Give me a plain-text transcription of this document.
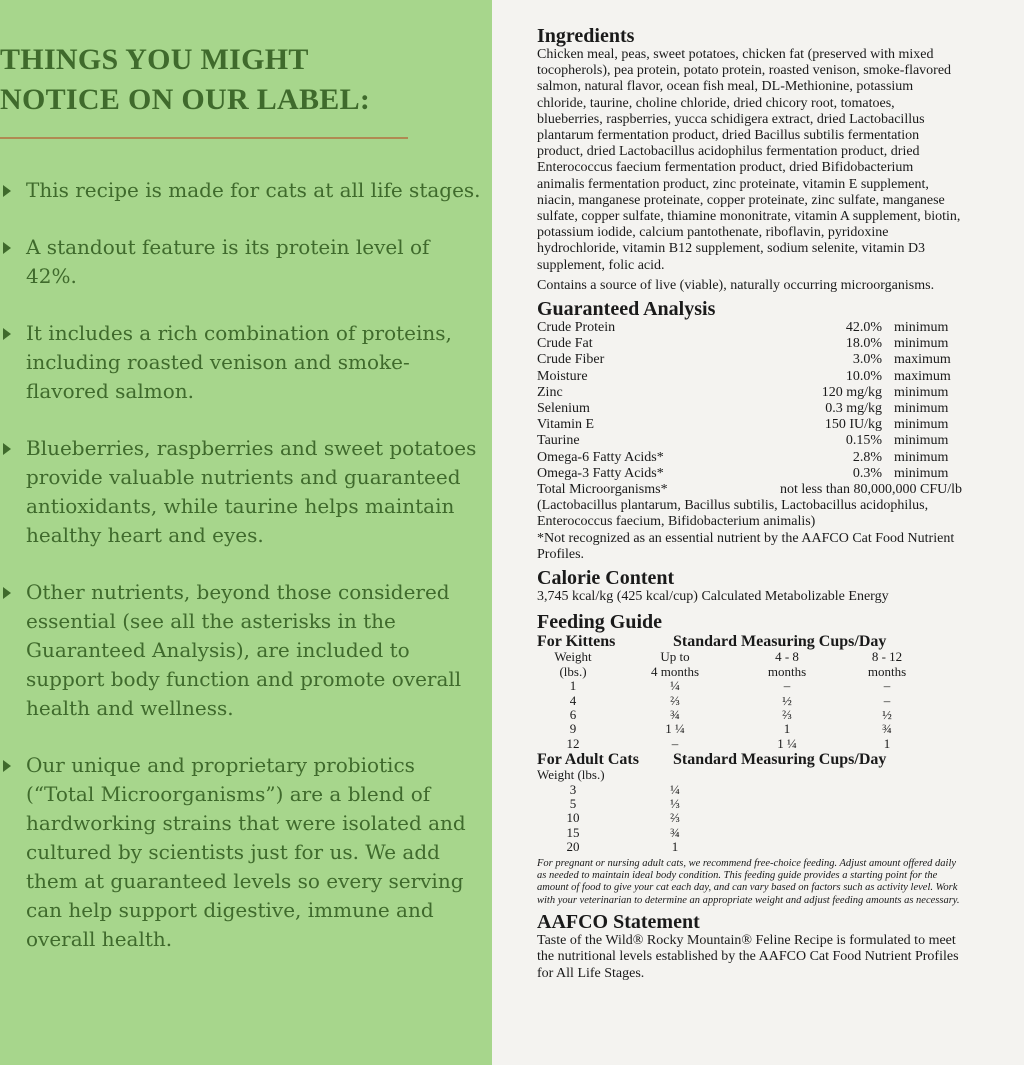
THINGS YOU MIGHT
NOTICE ON OUR LABEL:
This recipe is made for cats at all life stages.
A standout feature is its protein level of 42%.
It includes a rich combination of proteins, including roasted venison and smoke-flavored salmon.
Blueberries, raspberries and sweet potatoes provide valuable nutrients and guaranteed antioxidants, while taurine helps maintain healthy heart and eyes.
Other nutrients, beyond those considered essential (see all the asterisks in the Guaranteed Analysis), are included to support body function and promote overall health and wellness.
Our unique and proprietary probiotics (“Total Microorganisms”) are a blend of hardworking strains that were isolated and cultured by scientists just for us. We add them at guaranteed levels so every serving can help support digestive, immune and overall health.
Ingredients

Chicken meal, peas, sweet potatoes, chicken fat (preserved with mixed tocopherols), pea protein, potato protein, roasted venison, smoke-flavored salmon, natural flavor, ocean fish meal, DL-Methionine, potassium chloride, taurine, choline chloride, dried chicory root, tomatoes, blueberries, raspberries, yucca schidigera extract, dried Lactobacillus plantarum fermentation product, dried Bacillus subtilis fermentation product, dried Lactobacillus acidophilus fermentation product, dried Enterococcus faecium fermentation product, dried Bifidobacterium animalis fermentation product, zinc proteinate, vitamin E supplement, niacin, manganese proteinate, copper proteinate, zinc sulfate, manganese sulfate, copper sulfate, thiamine mononitrate, vitamin A supplement, biotin, potassium iodide, calcium pantothenate, riboflavin, pyridoxine hydrochloride, vitamin B12 supplement, sodium selenite, vitamin D3 supplement, folic acid.

Contains a source of live (viable), naturally occurring microorganisms.

Guaranteed Analysis
Crude Protein	42.0% minimum
Crude Fat	18.0% minimum
Crude Fiber	3.0% maximum
Moisture	10.0% maximum
Zinc	120 mg/kg minimum
Selenium	0.3 mg/kg minimum
Vitamin E	150 IU/kg minimum
Taurine	0.15% minimum
Omega-6 Fatty Acids*	2.8% minimum
Omega-3 Fatty Acids*	0.3% minimum
Total Microorganisms*	not less than 80,000,000 CFU/lb
(Lactobacillus plantarum, Bacillus subtilis, Lactobacillus acidophilus, Enterococcus faecium, Bifidobacterium animalis)
*Not recognized as an essential nutrient by the AAFCO Cat Food Nutrient Profiles.
Calorie Content
3,745 kcal/kg (425 kcal/cup) Calculated Metabolizable Energy
Feeding Guide
For Kittens	Standard Measuring Cups/Day
Weight	Up to	4 - 8	8 - 12
(lbs.)	4 months	months	months
1	¼	–	–
4	⅔	½	–
6	¾	⅔	½
9	1 ¼	1	¾
12	–	1 ¼	1
For Adult Cats	Standard Measuring Cups/Day
Weight (lbs.)
3	¼
5	⅓
10	⅔
15	¾
20	1
For pregnant or nursing adult cats, we recommend free-choice feeding. Adjust amount offered daily as needed to maintain ideal body condition. This feeding guide provides a starting point for the amount of food to give your cat each day, and can vary based on factors such as activity level. Work with your veterinarian to determine an appropriate weight and adjust feeding amounts as necessary.
AAFCO Statement
Taste of the Wild® Rocky Mountain® Feline Recipe is formulated to meet the nutritional levels established by the AAFCO Cat Food Nutrient Profiles for All Life Stages.
